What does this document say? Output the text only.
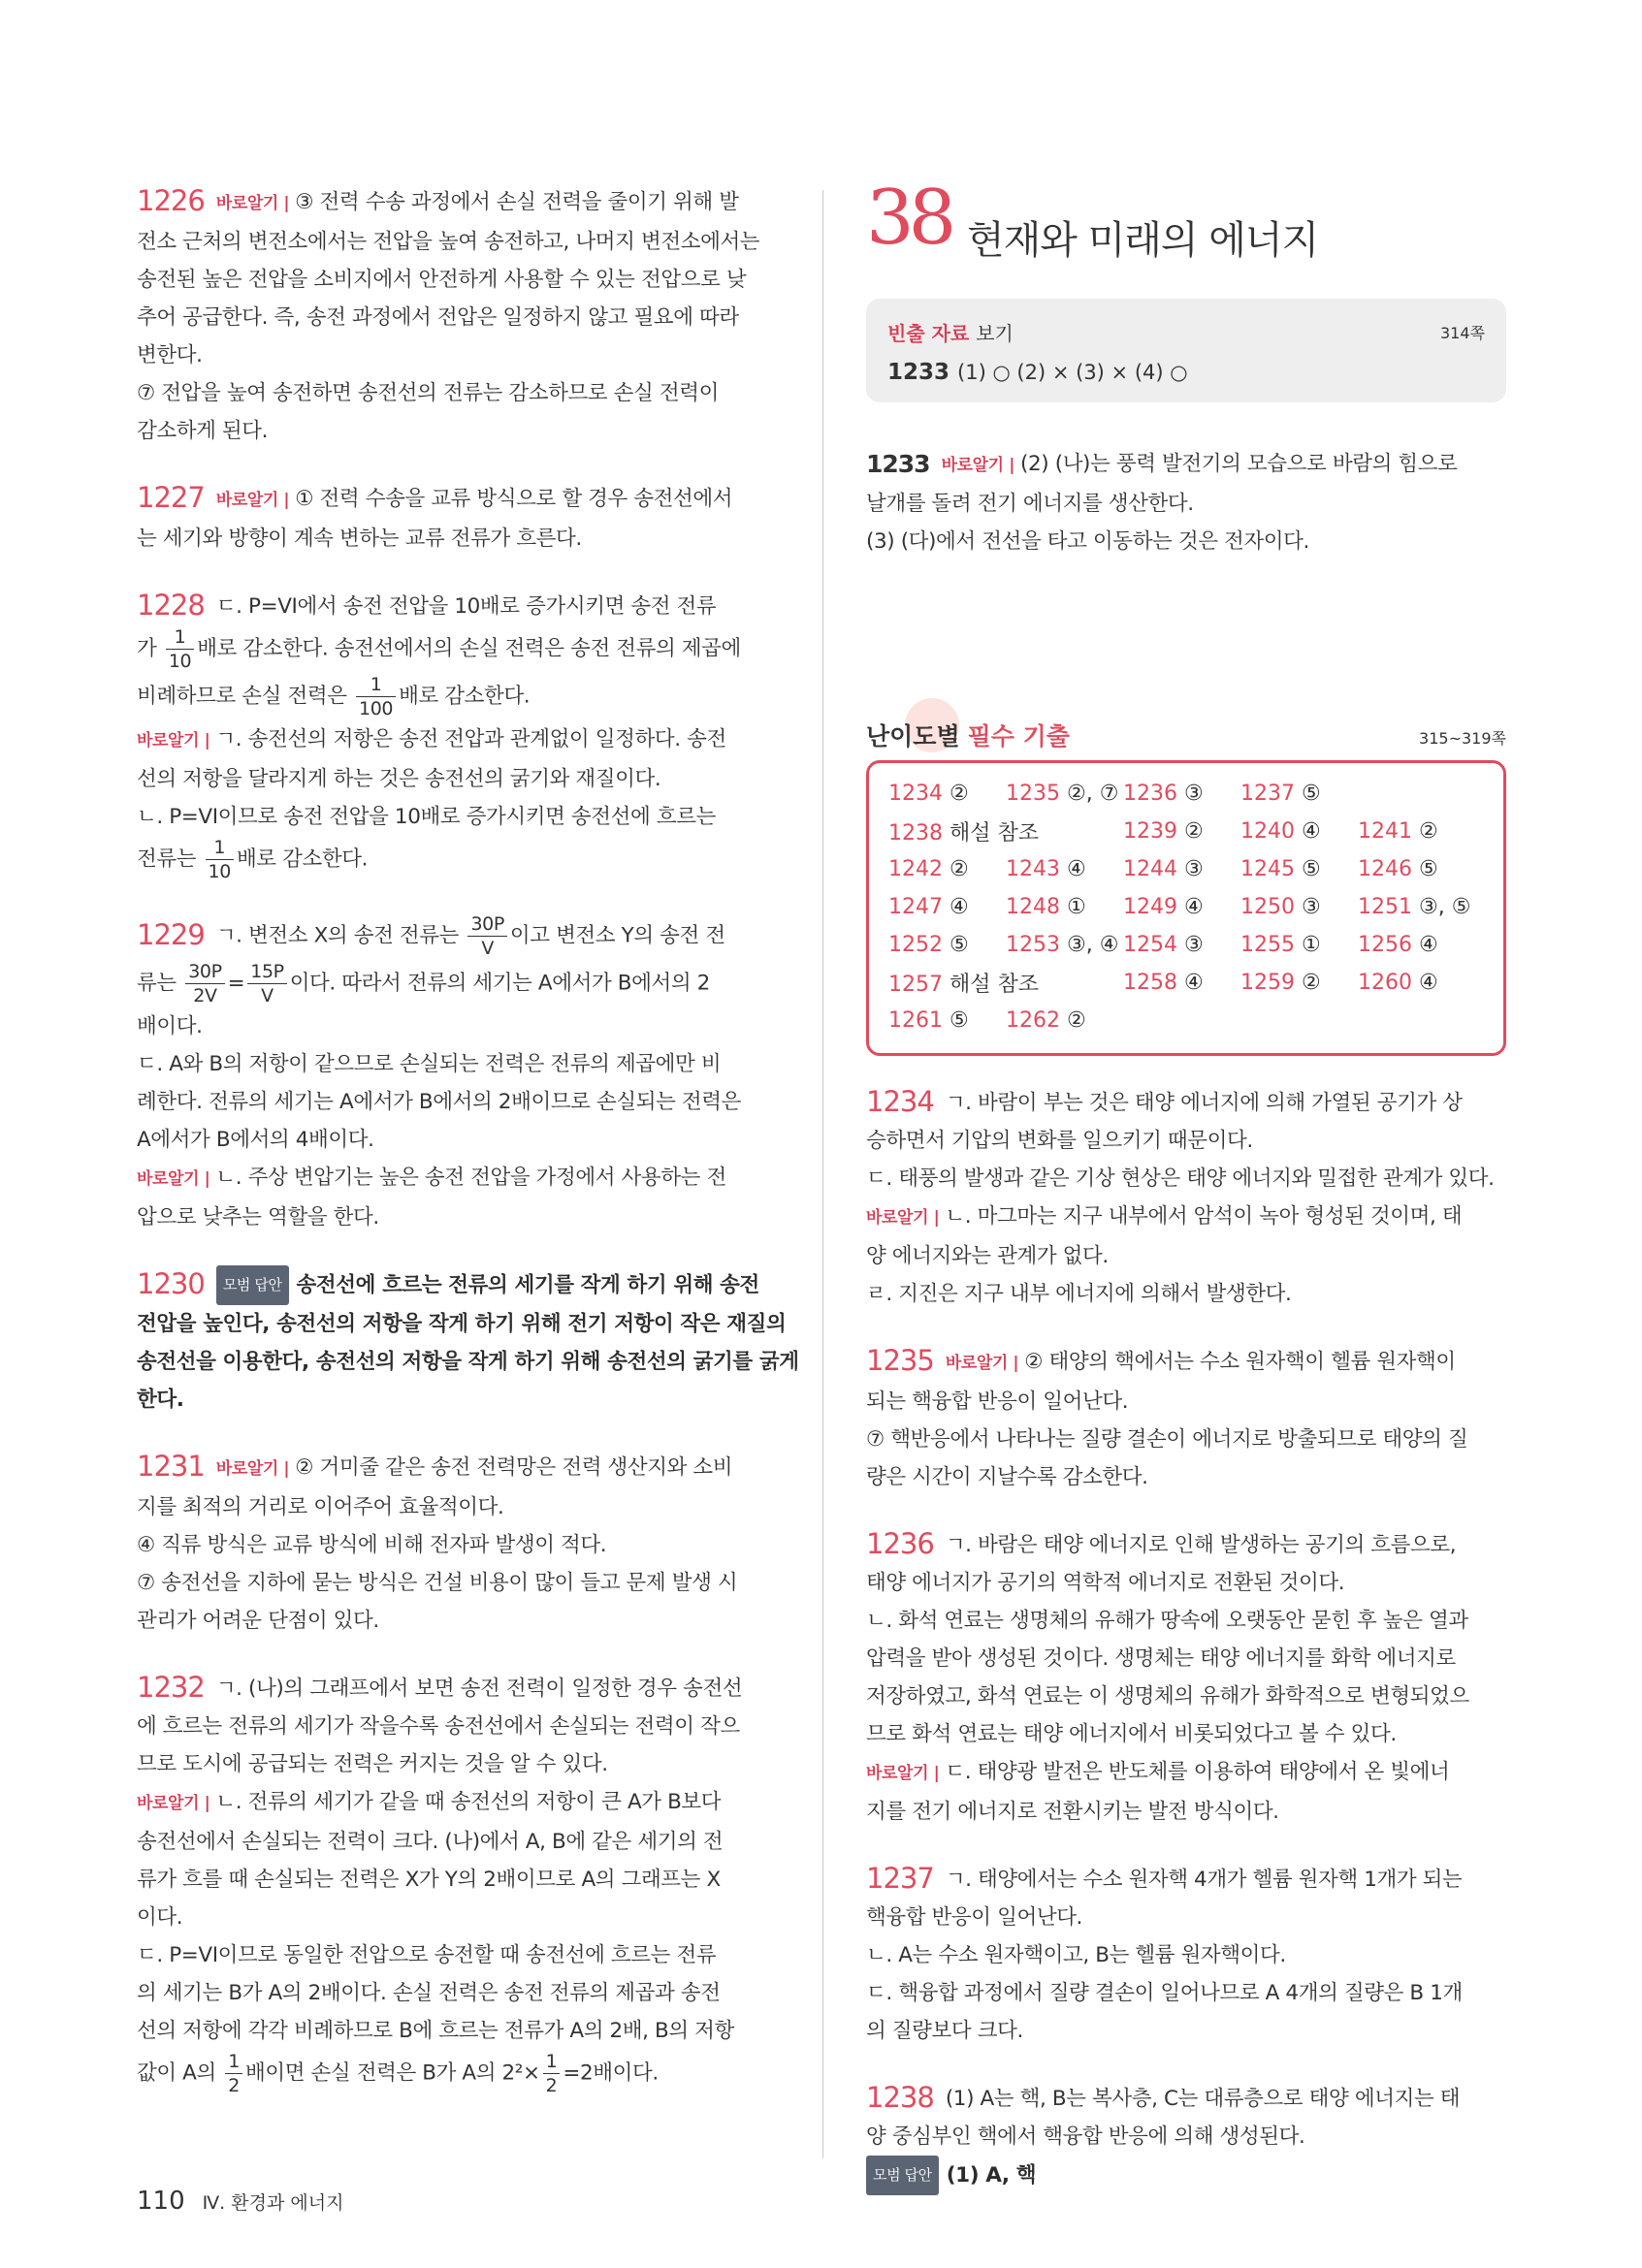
1226 바로알기 | ③ 전력 수송 과정에서 손실 전력을 줄이기 위해 발

전소 근처의 변전소에서는 전압을 높여 송전하고, 나머지 변전소에서는

송전된 높은 전압을 소비지에서 안전하게 사용할 수 있는 전압으로 낮

추어 공급한다. 즉, 송전 과정에서 전압은 일정하지 않고 필요에 따라

변한다.

⑦ 전압을 높여 송전하면 송전선의 전류는 감소하므로 손실 전력이

감소하게 된다.

1227 바로알기 | ① 전력 수송을 교류 방식으로 할 경우 송전선에서

는 세기와 방향이 계속 변하는 교류 전류가 흐른다.

1228 ㄷ. P=VI에서 송전 전압을 10배로 증가시키면 송전 전류

가 $\frac{1}{10}$ 배로 감소한다. 송전선에서의 손실 전력은 송전 전류의 제곱에

비례하므로 손실 전력은 $\frac{1}{100}$ 배로 감소한다.

바로알기 | ㄱ. 송전선의 저항은 송전 전압과 관계없이 일정하다. 송전

선의 저항을 달라지게 하는 것은 송전선의 굵기와 재질이다.

ㄴ. P=VI이므로 송전 전압을 10배로 증가시키면 송전선에 흐르는

전류는 $\frac{1}{10}$ 배로 감소한다.

1229 ㄱ. 변전소 X의 송전 전류는 $\frac{30P}{V}$ 이고 변전소 Y의 송전 전

류는 $\frac{30P}{2V} = \frac{15P}{V}$ 이다. 따라서 전류의 세기는 A에서가 B에서의 2

배이다.

ㄷ. A와 B의 저항이 같으므로 손실되는 전력은 전류의 제곱에만 비

례한다. 전류의 세기는 A에서가 B에서의 2배이므로 손실되는 전력은

A에서가 B에서의 4배이다.

바로알기 | ㄴ. 주상 변압기는 높은 송전 전압을 가정에서 사용하는 전

압으로 낮추는 역할을 한다.

1230 모범 답안 송전선에 흐르는 전류의 세기를 작게 하기 위해 송전

전압을 높인다, 송전선의 저항을 작게 하기 위해 전기 저항이 작은 재질의

송전선을 이용한다, 송전선의 저항을 작게 하기 위해 송전선의 굵기를 굵게

한다.

1231 바로알기 | ② 거미줄 같은 송전 전력망은 전력 생산지와 소비

지를 최적의 거리로 이어주어 효율적이다.

④ 직류 방식은 교류 방식에 비해 전자파 발생이 적다.

⑦ 송전선을 지하에 묻는 방식은 건설 비용이 많이 들고 문제 발생 시

관리가 어려운 단점이 있다.

1232 ㄱ. (나)의 그래프에서 보면 송전 전력이 일정한 경우 송전선

에 흐르는 전류의 세기가 작을수록 송전선에서 손실되는 전력이 작으

므로 도시에 공급되는 전력은 커지는 것을 알 수 있다.

바로알기 | ㄴ. 전류의 세기가 같을 때 송전선의 저항이 큰 A가 B보다

송전선에서 손실되는 전력이 크다. (나)에서 A, B에 같은 세기의 전

류가 흐를 때 손실되는 전력은 X가 Y의 2배이므로 A의 그래프는 X

이다.

ㄷ. P=VI이므로 동일한 전압으로 송전할 때 송전선에 흐르는 전류

의 세기는 B가 A의 2배이다. 손실 전력은 송전 전류의 제곱과 송전

선의 저항에 각각 비례하므로 B에 흐르는 전류가 A의 2배, B의 저항

값이 A의 $\frac{1}{2}$ 배이면 손실 전력은 B가 A의 $2^2\times \frac{1}{2} =2$배이다.

38 현재와 미래의 에너지
빈출 자료 보기	314쪽
1233 (1) ○ (2) × (3) × (4) ○

1233 바로알기 | (2) (나)는 풍력 발전기의 모습으로 바람의 힘으로

날개를 돌려 전기 에너지를 생산한다.

(3) (다)에서 전선을 타고 이동하는 것은 전자이다.

난이도별 필수 기출	315~319쪽
1234 ②	1235 ②, ⑦ 1236 ③	1237 ⑤
1238 해설 참조	1239 ②	1240 ④	1241 ②
1242 ②	1243 ④	1244 ③	1245 ⑤	1246 ⑤
1247 ④	1248 ①	1249 ④	1250 ③	1251 ③, ⑤
1252 ⑤	1253 ③, ④ 1254 ③	1255 ①	1256 ④
1257 해설 참조	1258 ④	1259 ②	1260 ④
1261 ⑤	1262 ②

1234 ㄱ. 바람이 부는 것은 태양 에너지에 의해 가열된 공기가 상

승하면서 기압의 변화를 일으키기 때문이다.

ㄷ. 태풍의 발생과 같은 기상 현상은 태양 에너지와 밀접한 관계가 있다.

바로알기 | ㄴ. 마그마는 지구 내부에서 암석이 녹아 형성된 것이며, 태

양 에너지와는 관계가 없다.

ㄹ. 지진은 지구 내부 에너지에 의해서 발생한다.

1235 바로알기 | ② 태양의 핵에서는 수소 원자핵이 헬륨 원자핵이

되는 핵융합 반응이 일어난다.

⑦ 핵반응에서 나타나는 질량 결손이 에너지로 방출되므로 태양의 질

량은 시간이 지날수록 감소한다.

1236 ㄱ. 바람은 태양 에너지로 인해 발생하는 공기의 흐름으로,

태양 에너지가 공기의 역학적 에너지로 전환된 것이다.

ㄴ. 화석 연료는 생명체의 유해가 땅속에 오랫동안 묻힌 후 높은 열과

압력을 받아 생성된 것이다. 생명체는 태양 에너지를 화학 에너지로

저장하였고, 화석 연료는 이 생명체의 유해가 화학적으로 변형되었으

므로 화석 연료는 태양 에너지에서 비롯되었다고 볼 수 있다.

바로알기 | ㄷ. 태양광 발전은 반도체를 이용하여 태양에서 온 빛에너

지를 전기 에너지로 전환시키는 발전 방식이다.

1237 ㄱ. 태양에서는 수소 원자핵 4개가 헬륨 원자핵 1개가 되는

핵융합 반응이 일어난다.

ㄴ. A는 수소 원자핵이고, B는 헬륨 원자핵이다.

ㄷ. 핵융합 과정에서 질량 결손이 일어나므로 A 4개의 질량은 B 1개

의 질량보다 크다.

1238 (1) A는 핵, B는 복사층, C는 대류층으로 태양 에너지는 태

양 중심부인 핵에서 핵융합 반응에 의해 생성된다.

모범 답안 (1) A, 핵

110 Ⅳ. 환경과 에너지
